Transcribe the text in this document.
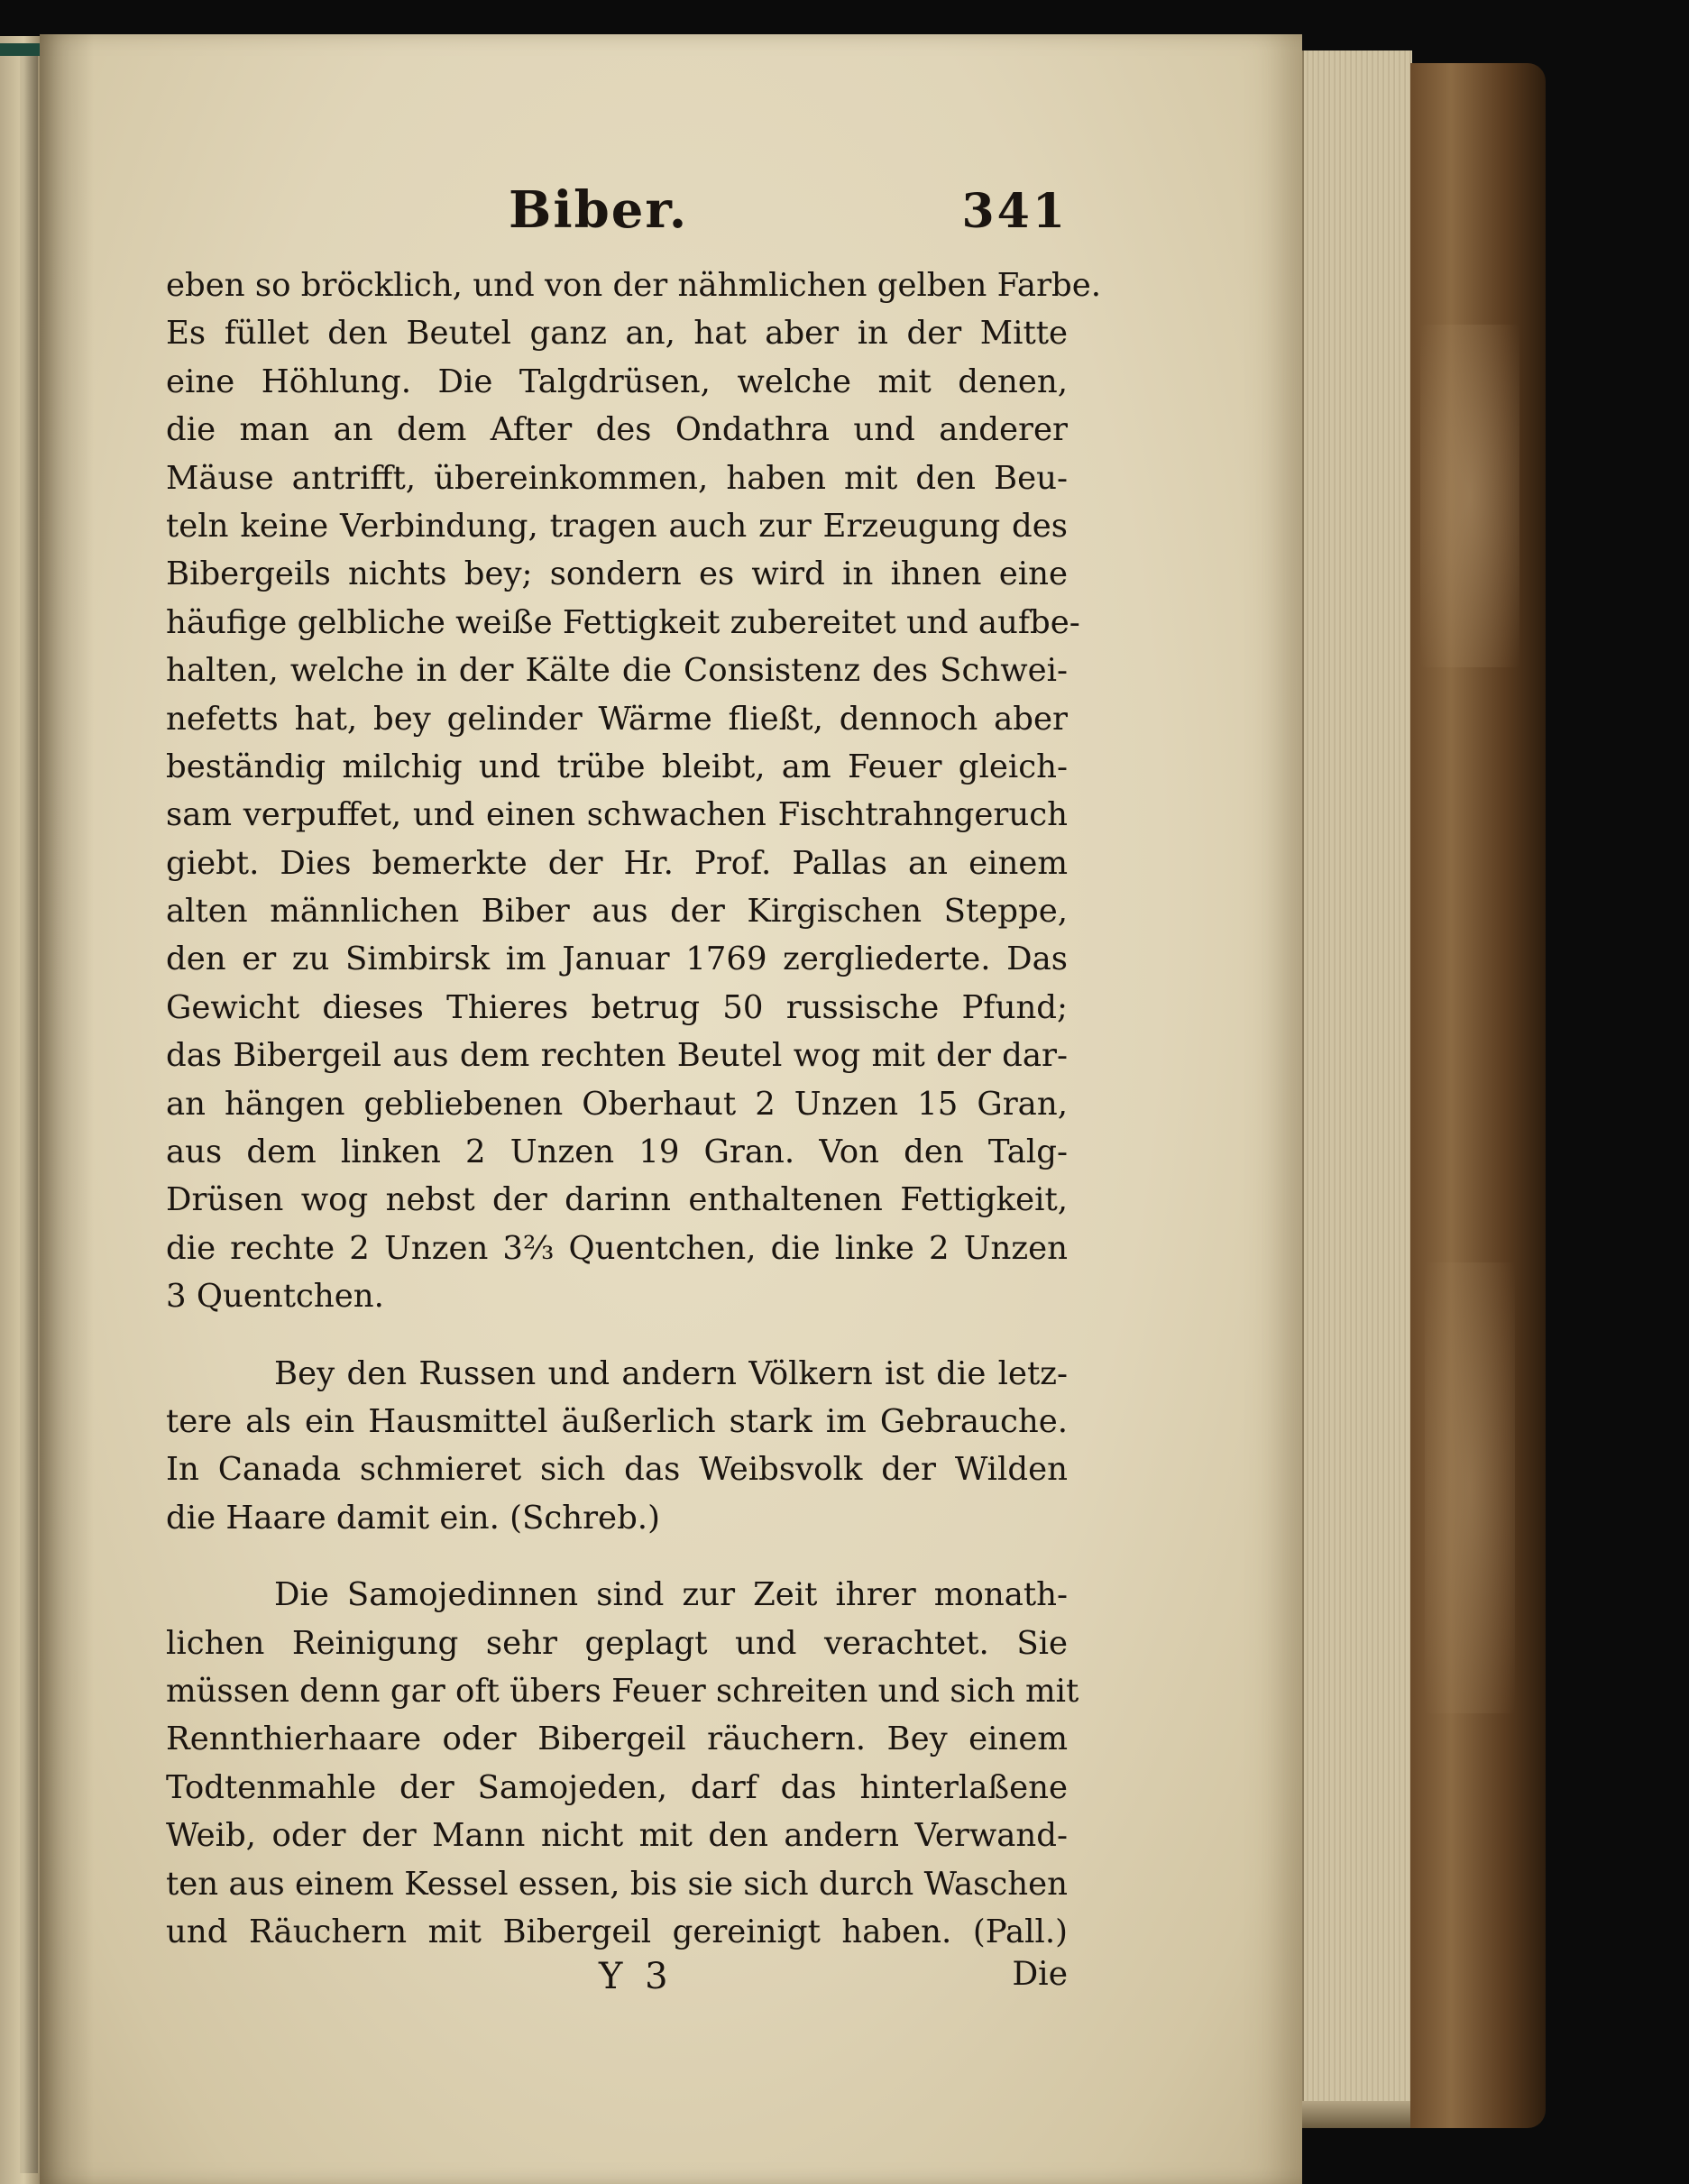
Biber.	341
eben so bröcklich, und von der nähmlichen gelben Farbe.
Es füllet den Beutel ganz an, hat aber in der Mitte
eine Höhlung. Die Talgdrüsen, welche mit denen,
die man an dem After des Ondathra und anderer
Mäuse antrifft, übereinkommen, haben mit den Beu-
teln keine Verbindung, tragen auch zur Erzeugung des
Bibergeils nichts bey; sondern es wird in ihnen eine
häufige gelbliche weiße Fettigkeit zubereitet und aufbe-
halten, welche in der Kälte die Consistenz des Schwei-
nefetts hat, bey gelinder Wärme fließt, dennoch aber
beständig milchig und trübe bleibt, am Feuer gleich-
sam verpuffet, und einen schwachen Fischtrahngeruch
giebt. Dies bemerkte der Hr. Prof. Pallas an einem
alten männlichen Biber aus der Kirgischen Steppe,
den er zu Simbirsk im Januar 1769 zergliederte. Das
Gewicht dieses Thieres betrug 50 russische Pfund;
das Bibergeil aus dem rechten Beutel wog mit der dar-
an hängen gebliebenen Oberhaut 2 Unzen 15 Gran,
aus dem linken 2 Unzen 19 Gran. Von den Talg-
Drüsen wog nebst der darinn enthaltenen Fettigkeit,
die rechte 2 Unzen 3⅔ Quentchen, die linke 2 Unzen
3 Quentchen.
Bey den Russen und andern Völkern ist die letz-
tere als ein Hausmittel äußerlich stark im Gebrauche.
In Canada schmieret sich das Weibsvolk der Wilden
die Haare damit ein. (Schreb.)
Die Samojedinnen sind zur Zeit ihrer monath-
lichen Reinigung sehr geplagt und verachtet. Sie
müssen denn gar oft übers Feuer schreiten und sich mit
Rennthierhaare oder Bibergeil räuchern. Bey einem
Todtenmahle der Samojeden, darf das hinterlaßene
Weib, oder der Mann nicht mit den andern Verwand-
ten aus einem Kessel essen, bis sie sich durch Waschen
und Räuchern mit Bibergeil gereinigt haben. (Pall.)
Y 3	Die
